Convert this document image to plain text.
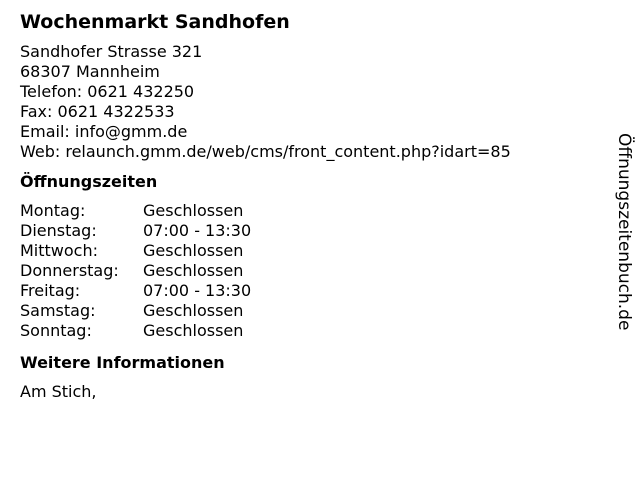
Wochenmarkt Sandhofen
Sandhofer Strasse 321
68307 Mannheim
Telefon: 0621 432250
Fax: 0621 4322533
Email: info@gmm.de
Web: relaunch.gmm.de/web/cms/front_content.php?idart=85
Öffnungszeiten
Montag:	Geschlossen
Dienstag:	07:00 - 13:30
Mittwoch:	Geschlossen
Donnerstag:	Geschlossen
Freitag:	07:00 - 13:30
Samstag:	Geschlossen
Sonntag:	Geschlossen
Weitere Informationen
Am Stich,
Öffnungszeitenbuch.de
